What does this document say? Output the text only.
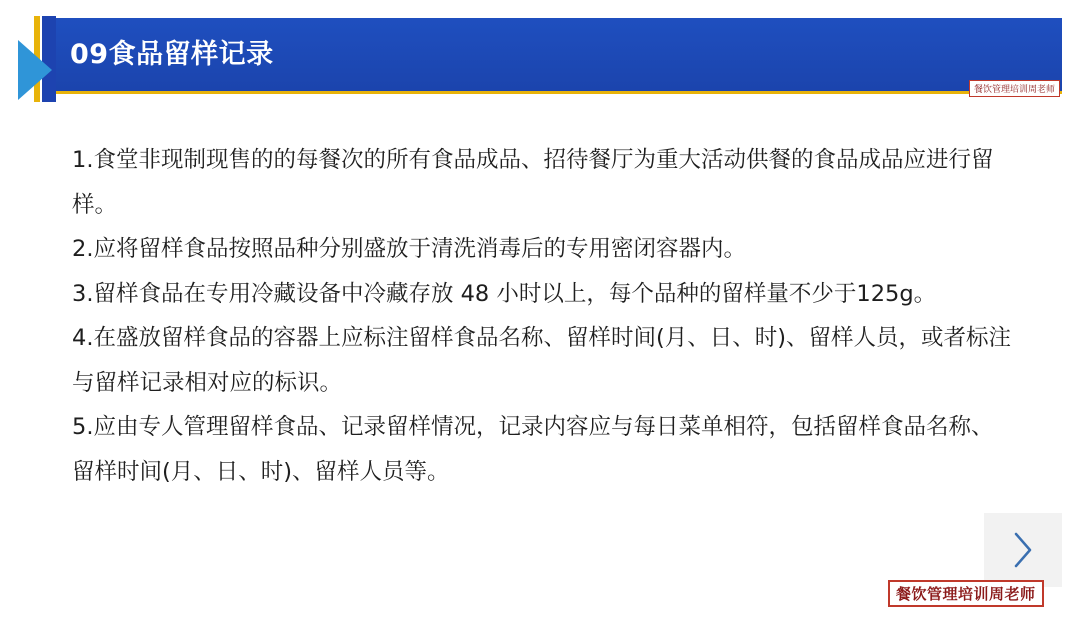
09食品留样记录
餐饮管理培训周老师

1.食堂非现制现售的的每餐次的所有食品成品、招待餐厅为重大活动供餐的食品成品应进行留样。

2.应将留样食品按照品种分别盛放于清洗消毒后的专用密闭容器内。

3.留样食品在专用冷藏设备中冷藏存放 48 小时以上，每个品种的留样量不少于125g。

4.在盛放留样食品的容器上应标注留样食品名称、留样时间(月、日、时)、留样人员，或者标注与留样记录相对应的标识。

5.应由专人管理留样食品、记录留样情况，记录内容应与每日菜单相符，包括留样食品名称、留样时间(月、日、时)、留样人员等。

餐饮管理培训周老师
